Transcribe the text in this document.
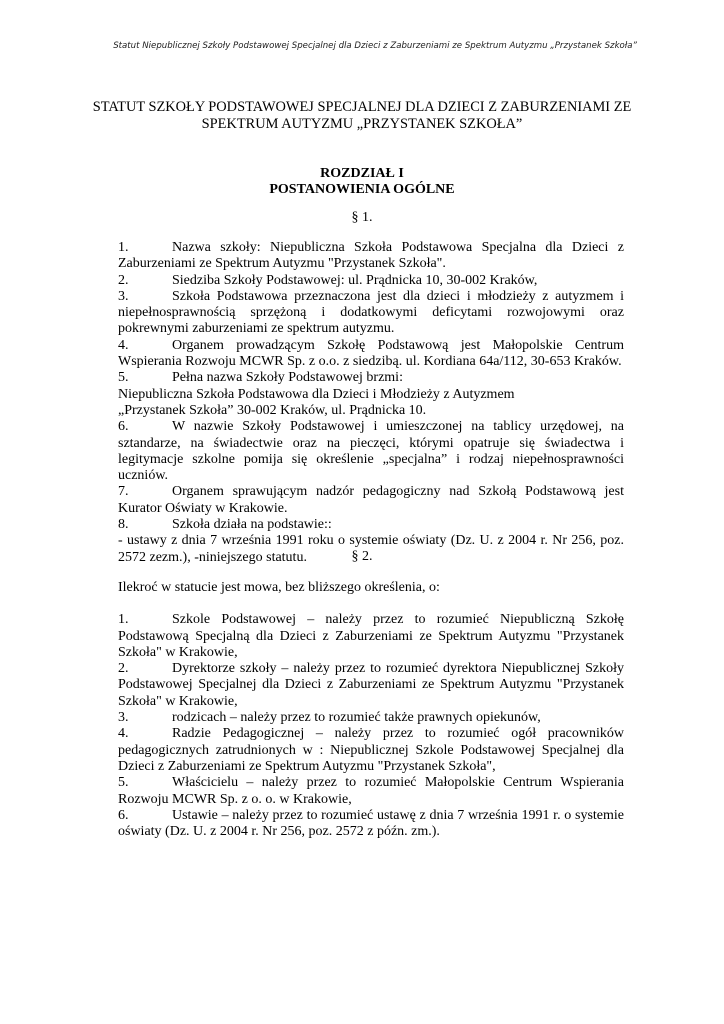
Statut Niepublicznej Szkoły Podstawowej Specjalnej dla Dzieci z Zaburzeniami ze Spektrum Autyzmu „Przystanek Szkoła”
STATUT SZKOŁY PODSTAWOWEJ SPECJALNEJ DLA DZIECI Z ZABURZENIAMI ZE
SPEKTRUM AUTYZMU „PRZYSTANEK SZKOŁA”
ROZDZIAŁ I
POSTANOWIENIA OGÓLNE
§ 1.

1.	Nazwa szkoły: Niepubliczna Szkoła Podstawowa Specjalna dla Dzieci z Zaburzeniami ze Spektrum Autyzmu "Przystanek Szkoła".

2.	Siedziba Szkoły Podstawowej: ul. Prądnicka 10, 30-002 Kraków,

3.	Szkoła Podstawowa przeznaczona jest dla dzieci i młodzieży z autyzmem i niepełnosprawnością sprzężoną i dodatkowymi deficytami rozwojowymi oraz pokrewnymi zaburzeniami ze spektrum autyzmu.

4.	Organem prowadzącym Szkołę Podstawową jest Małopolskie Centrum Wspierania Rozwoju MCWR Sp. z o.o. z siedzibą. ul. Kordiana 64a/112, 30-653 Kraków.

5.	Pełna nazwa Szkoły Podstawowej brzmi:

Niepubliczna Szkoła Podstawowa dla Dzieci i Młodzieży z Autyzmem

„Przystanek Szkoła” 30-002 Kraków, ul. Prądnicka 10.

6.	W nazwie Szkoły Podstawowej i umieszczonej na tablicy urzędowej, na sztandarze, na świadectwie oraz na pieczęci, którymi opatruje się świadectwa i legitymacje szkolne pomija się określenie „specjalna” i rodzaj niepełnosprawności uczniów.

7.	Organem sprawującym nadzór pedagogiczny nad Szkołą Podstawową jest Kurator Oświaty w Krakowie.

8.	Szkoła działa na podstawie::

- ustawy z dnia 7 września 1991 roku o systemie oświaty (Dz. U. z 2004 r. Nr 256, poz. 2572 zezm.), -niniejszego statutu.	§ 2.

Ilekroć w statucie jest mowa, bez bliższego określenia, o:

1.	Szkole Podstawowej – należy przez to rozumieć Niepubliczną Szkołę Podstawową Specjalną dla Dzieci z Zaburzeniami ze Spektrum Autyzmu "Przystanek Szkoła" w Krakowie,

2.	Dyrektorze szkoły – należy przez to rozumieć dyrektora Niepublicznej Szkoły Podstawowej Specjalnej dla Dzieci z Zaburzeniami ze Spektrum Autyzmu "Przystanek Szkoła" w Krakowie,

3.	rodzicach – należy przez to rozumieć także prawnych opiekunów,

4.	Radzie Pedagogicznej – należy przez to rozumieć ogół pracowników pedagogicznych zatrudnionych w : Niepublicznej Szkole Podstawowej Specjalnej dla Dzieci z Zaburzeniami ze Spektrum Autyzmu "Przystanek Szkoła",

5.	Właścicielu – należy przez to rozumieć Małopolskie Centrum Wspierania Rozwoju MCWR Sp. z o. o. w Krakowie,

6.	Ustawie – należy przez to rozumieć ustawę z dnia 7 września 1991 r. o systemie oświaty (Dz. U. z 2004 r. Nr 256, poz. 2572 z późn. zm.).
